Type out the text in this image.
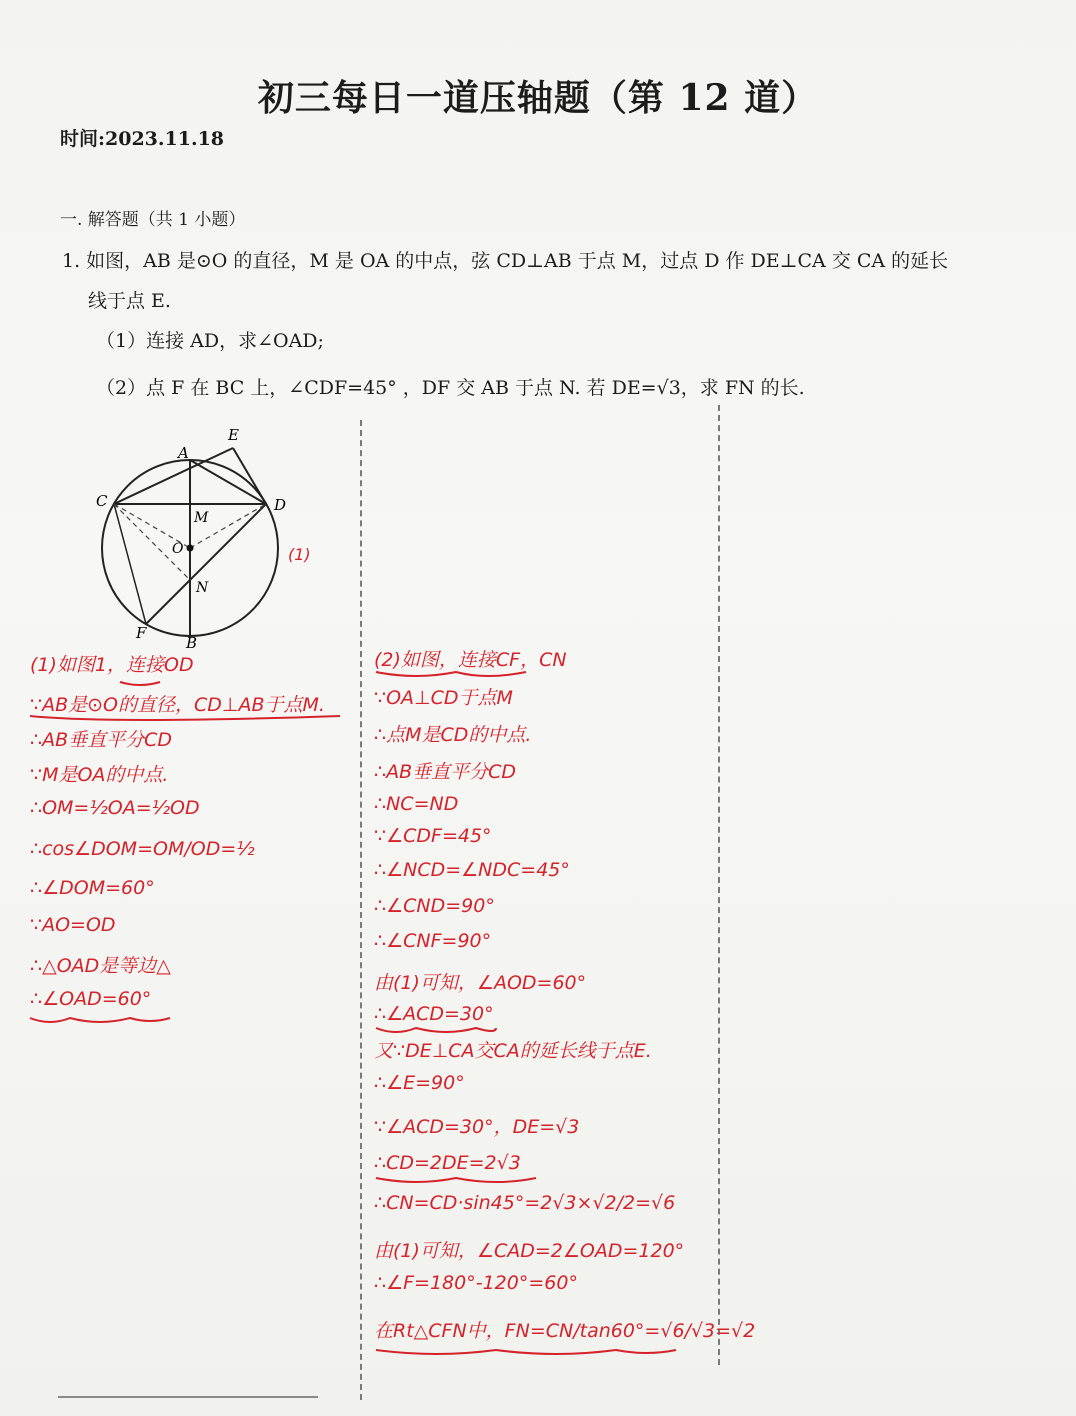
初三每日一道压轴题（第 12 道）
时间:2023.11.18
一. 解答题（共 1 小题）
1. 如图，AB 是⊙O 的直径，M 是 OA 的中点，弦 CD⊥AB 于点 M，过点 D 作 DE⊥CA 交 CA 的延长
线于点 E.
（1）连接 AD，求∠OAD;
（2）点 F 在 BC 上，∠CDF=45° ，DF 交 AB 于点 N. 若 DE=√3，求 FN 的长.
A
B
C	D
E
F
M
N
O	(1)
(1)如图1，连接OD
∵AB是⊙O的直径，CD⊥AB于点M.
∴AB垂直平分CD
∵M是OA的中点.
∴OM=½OA=½OD
∴cos∠DOM=OM/OD=½
∴∠DOM=60°
∵AO=OD
∴△OAD是等边△
∴∠OAD=60°
(2)如图，连接CF，CN
∵OA⊥CD于点M
∴点M是CD的中点.
∴AB垂直平分CD
∴NC=ND
∵∠CDF=45°
∴∠NCD=∠NDC=45°
∴∠CND=90°
∴∠CNF=90°
由(1)可知，∠AOD=60°
∴∠ACD=30°
又∵DE⊥CA交CA的延长线于点E.
∴∠E=90°
∵∠ACD=30°，DE=√3
∴CD=2DE=2√3
∴CN=CD·sin45°=2√3×√2/2=√6
由(1)可知，∠CAD=2∠OAD=120°
∴∠F=180°-120°=60°
在Rt△CFN中，FN=CN/tan60°=√6/√3=√2
